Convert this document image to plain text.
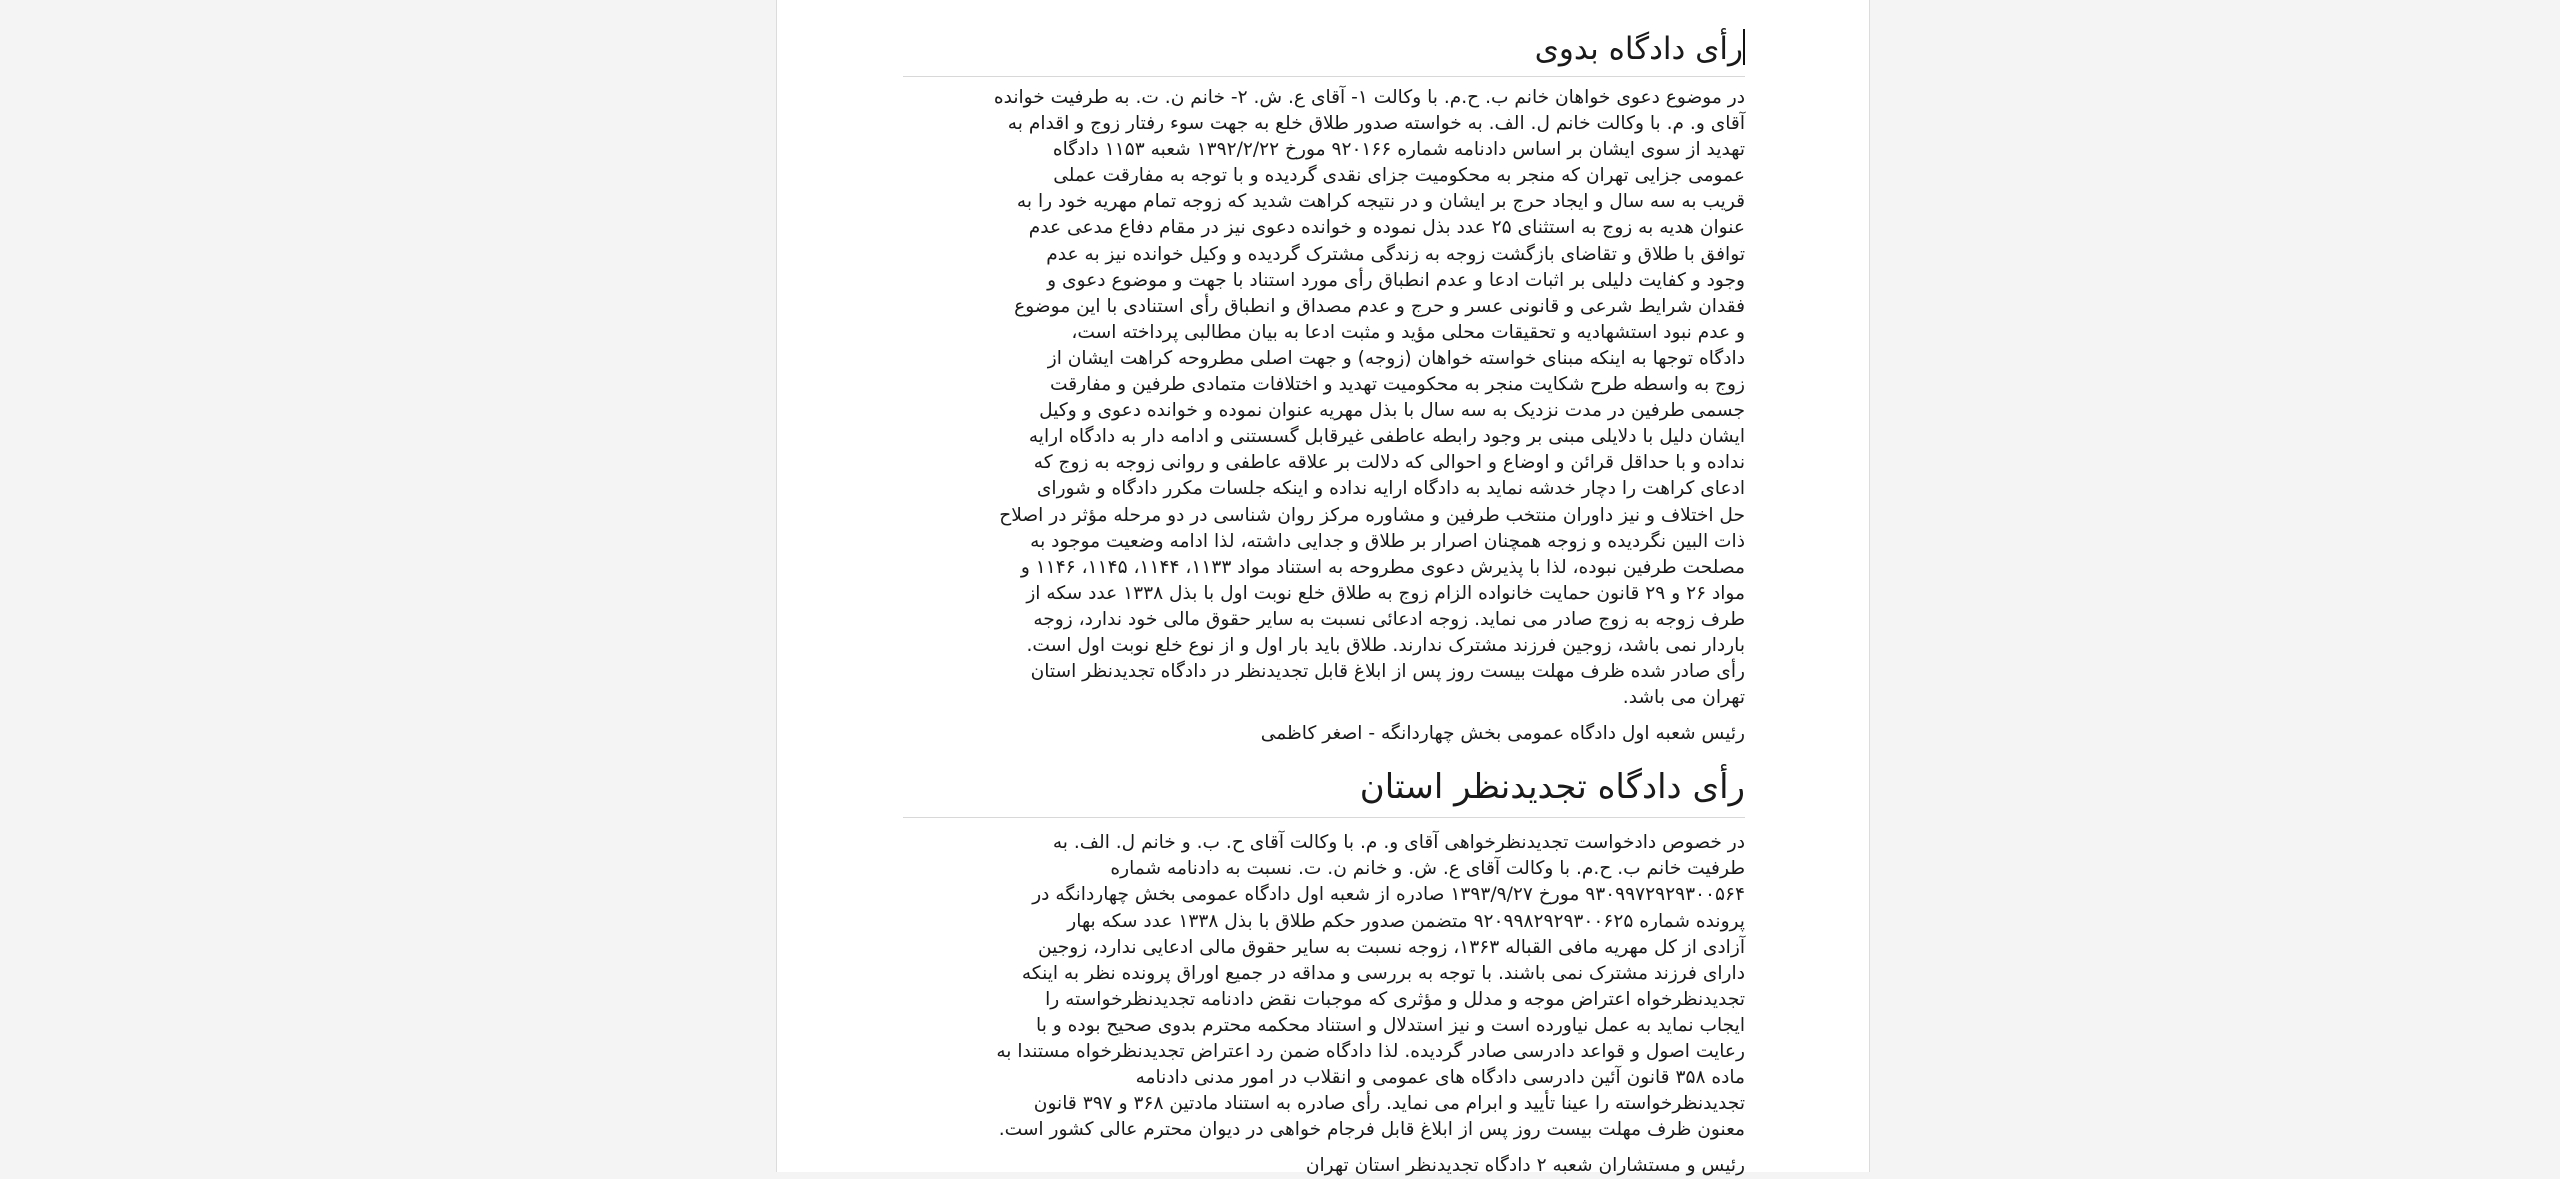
رأی دادگاه بدوی

در موضوع دعوی خواهان خانم ب. ح.م. با وکالت ۱- آقای ع. ش. ۲- خانم ن. ت. به طرفیت خوانده

آقای و. م. با وکالت خانم ل. الف. به خواسته صدور طلاق خلع به جهت سوء رفتار زوج و اقدام به

تهدید از سوی ایشان بر اساس دادنامه شماره ۹۲۰۱۶۶ مورخ ۱۳۹۲/۲/۲۲ شعبه ۱۱۵۳ دادگاه

عمومی جزایی تهران که منجر به محکومیت جزای نقدی گردیده و با توجه به مفارقت عملی

قریب به سه سال و ایجاد حرج بر ایشان و در نتیجه کراهت شدید که زوجه تمام مهریه خود را به

عنوان هدیه به زوج به استثنای ۲۵ عدد بذل نموده و خوانده دعوی نیز در مقام دفاع مدعی عدم

توافق با طلاق و تقاضای بازگشت زوجه به زندگی مشترک گردیده و وکیل خوانده نیز به عدم

وجود و کفایت دلیلی بر اثبات ادعا و عدم انطباق رأی مورد استناد با جهت و موضوع دعوی و

فقدان شرایط شرعی و قانونی عسر و حرج و عدم مصداق و انطباق رأی استنادی با این موضوع

و عدم نبود استشهادیه و تحقیقات محلی مؤید و مثبت ادعا به بیان مطالبی پرداخته است،

دادگاه توجها به اینکه مبنای خواسته خواهان (زوجه) و جهت اصلی مطروحه کراهت ایشان از

زوج به واسطه طرح شکایت منجر به محکومیت تهدید و اختلافات متمادی طرفین و مفارقت

جسمی طرفین در مدت نزدیک به سه سال با بذل مهریه عنوان نموده و خوانده دعوی و وکیل

ایشان دلیل با دلایلی مبنی بر وجود رابطه عاطفی غیرقابل گسستنی و ادامه دار به دادگاه ارایه

نداده و با حداقل قرائن و اوضاع و احوالی که دلالت بر علاقه عاطفی و روانی زوجه به زوج که

ادعای کراهت را دچار خدشه نماید به دادگاه ارایه نداده و اینکه جلسات مکرر دادگاه و شورای

حل اختلاف و نیز داوران منتخب طرفین و مشاوره مرکز روان شناسی در دو مرحله مؤثر در اصلاح

ذات البین نگردیده و زوجه همچنان اصرار بر طلاق و جدایی داشته، لذا ادامه وضعیت موجود به

مصلحت طرفین نبوده، لذا با پذیرش دعوی مطروحه به استناد مواد ۱۱۳۳، ۱۱۴۴، ۱۱۴۵، ۱۱۴۶ و

مواد ۲۶ و ۲۹ قانون حمایت خانواده الزام زوج به طلاق خلع نوبت اول با بذل ۱۳۳۸ عدد سکه از

طرف زوجه به زوج صادر می نماید. زوجه ادعائی نسبت به سایر حقوق مالی خود ندارد، زوجه

باردار نمی باشد، زوجین فرزند مشترک ندارند. طلاق باید بار اول و از نوع خلع نوبت اول است.

رأی صادر شده ظرف مهلت بیست روز پس از ابلاغ قابل تجدیدنظر در دادگاه تجدیدنظر استان

تهران می باشد.

رئیس شعبه اول دادگاه عمومی بخش چهاردانگه - اصغر کاظمی
رأی دادگاه تجدیدنظر استان

در خصوص دادخواست تجدیدنظرخواهی آقای و. م. با وکالت آقای ح. ب. و خانم ل. الف. به

طرفیت خانم ب. ح.م. با وکالت آقای ع. ش. و خانم ن. ت. نسبت به دادنامه شماره

۹۳۰۹۹۷۲۹۲۹۳۰۰۵۶۴ مورخ ۱۳۹۳/۹/۲۷ صادره از شعبه اول دادگاه عمومی بخش چهاردانگه در

پرونده شماره ۹۲۰۹۹۸۲۹۲۹۳۰۰۶۲۵ متضمن صدور حکم طلاق با بذل ۱۳۳۸ عدد سکه بهار

آزادی از کل مهریه مافی القباله ۱۳۶۳، زوجه نسبت به سایر حقوق مالی ادعایی ندارد، زوجین

دارای فرزند مشترک نمی باشند. با توجه به بررسی و مداقه در جمیع اوراق پرونده نظر به اینکه

تجدیدنظرخواه اعتراض موجه و مدلل و مؤثری که موجبات نقض دادنامه تجدیدنظرخواسته را

ایجاب نماید به عمل نیاورده است و نیز استدلال و استناد محکمه محترم بدوی صحیح بوده و با

رعایت اصول و قواعد دادرسی صادر گردیده. لذا دادگاه ضمن رد اعتراض تجدیدنظرخواه مستندا به

ماده ۳۵۸ قانون آئین دادرسی دادگاه های عمومی و انقلاب در امور مدنی دادنامه

تجدیدنظرخواسته را عینا تأیید و ابرام می نماید. رأی صادره به استناد مادتین ۳۶۸ و ۳۹۷ قانون

معنون ظرف مهلت بیست روز پس از ابلاغ قابل فرجام خواهی در دیوان محترم عالی کشور است.

رئیس و مستشاران شعبه ۲ دادگاه تجدیدنظر استان تهران
